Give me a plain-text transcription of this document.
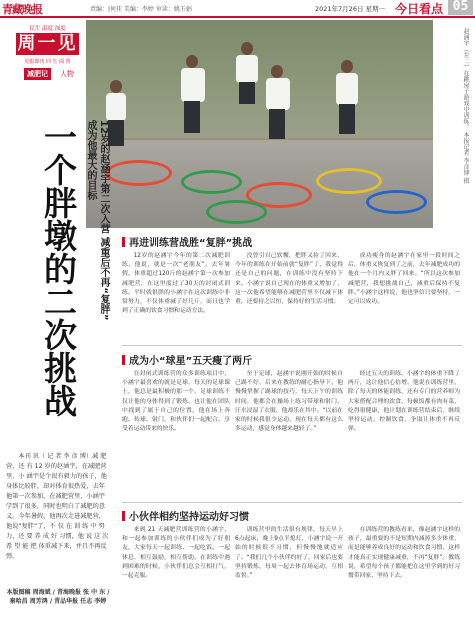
青藏晚报	责编：|何佳 美编：李婷 审读：姚玉娟	2021年7月26日 星期一 今日看点 05
民生 温度 深度
周一见
见报即刊 同 生 面 鲁
减肥记	人物	赵涵宇（左二）在跳房子游戏中训练。 本报记者 李彦博 摄
12岁的赵涵宇第二次入营 减重后不再“复胖”
成为他最大的目标
一个胖墩的二次挑战
本刊 讯（ 记 者 李 彦 博）减 肥营，还 有 12 岁的赵涵宇，在减肥营里，小 涵宇是个很有毅力的孩子，他身体比较胖，却对体育很热爱，去年他第一次参加，在减肥营里，小涵宇学到了很多，同时也明白了减肥的意义。今年暑假，他再次走进减肥营，他说“复胖”了，不 仅 在 训 练 中 努 力，还 要 养 成 好 习惯，他 说 这 次 希 望 能 把 体重减下来，并且不再反弹。
本版图稿 周海斌 / 青海晚报 张 中 东 / 秦哈昌 周芳鸿 / 青品华报 任志 李婷
再进训练营战胜“复胖”挑战
12岁的赵涵宇今年的第二次减肥训练，他说，就是一次“老朋友”。去年暑假，体重超过120斤的赵涵宇第一次参加减肥营，在这里度过了30天的封闭式训练。平时就很胖的小涵宇在这次训练中非常努力，不仅体重减了好几斤，而且也学到了正确的饮食习惯和运动方法。
没曾引自己软懈，把胖又捡了回来，今年的训练在开始前就“复胖”了，我觉得还是自己的问题，在训练中没有坚持下来。小涵宇说自己现在的体重又增加了，这一次他希望能够在减肥营里不仅减下体重，还要持之以恒，保持好的生活习惯。
成功瘦身的赵涵宇在家里一段时间之后，体重又恢复到了之前，去年减肥成功的他在一个月内又胖了回来。“所以这次参加减肥营，我想挑战自己，减重后保持不复胖。”小涵宇这样说，他也坚信只要坚持，一定可以成功。
成为小“球星”五天瘦了两斤
在封闭式训练营的众多训练项目中，小涵宇最喜欢的就是足球，每天的足球课上，他总是最积极的那一个。足球训练不仅让他的身体得到了锻炼，也让他在团队中找到了属于自己的位置，他在场上奔跑、传球、射门，和伙伴们一起配合，享受着运动带来的快乐。
至于足球，赵涵宇说刚开始的时候自己踢不好，后来在教练的耐心指导下，他慢慢掌握了踢球的技巧，每天下午的训练时间，他都会在操场上练习带球和射门，汗水浸湿了衣服，他却乐在其中。“以前在家的时候我很少运动，现在每天都有这么多运动，感觉身体越来越轻了。”
经过五天的训练，小涵宇的体重下降了两斤，这让他信心倍增。他说在训练营里，除了每天的体能训练，还有专门的营养师为大家搭配合理的饮食，每顿饭都有肉有菜，吃得很健康，他计划在训练营结束后，继续坚持运动，控制饮食，争取让体重不再反弹。
小伙伴相约坚持运动好习惯
来到 21 天减肥营训练营的小涵宇，和一起参加训练的小伙伴们成为了好朋友，大家每天一起训练、一起吃饭、一起休息，相互鼓励，相互帮助。在训练中遇到困难的时候，小伙伴们总会互相打气，一起克服。
训练营里的生活很有规律，每天早上6点起床，晚上9点半熄灯，小涵宇说一开始的时候很不习惯，但慢慢地就适应了。“我们几个小伙伴约好了，回家后也要坚持锻炼，每周一起去体育场运动，互相监督。”
在训练营的教练看来，像赵涵宇这样的孩子，最重要的不是短期内减掉多少体重，而是能够养成良好的运动和饮食习惯，这样才能真正实现健康减重，不再“复胖”。教练说，希望每个孩子都能把在这里学到的好习惯带回家，坚持下去。
